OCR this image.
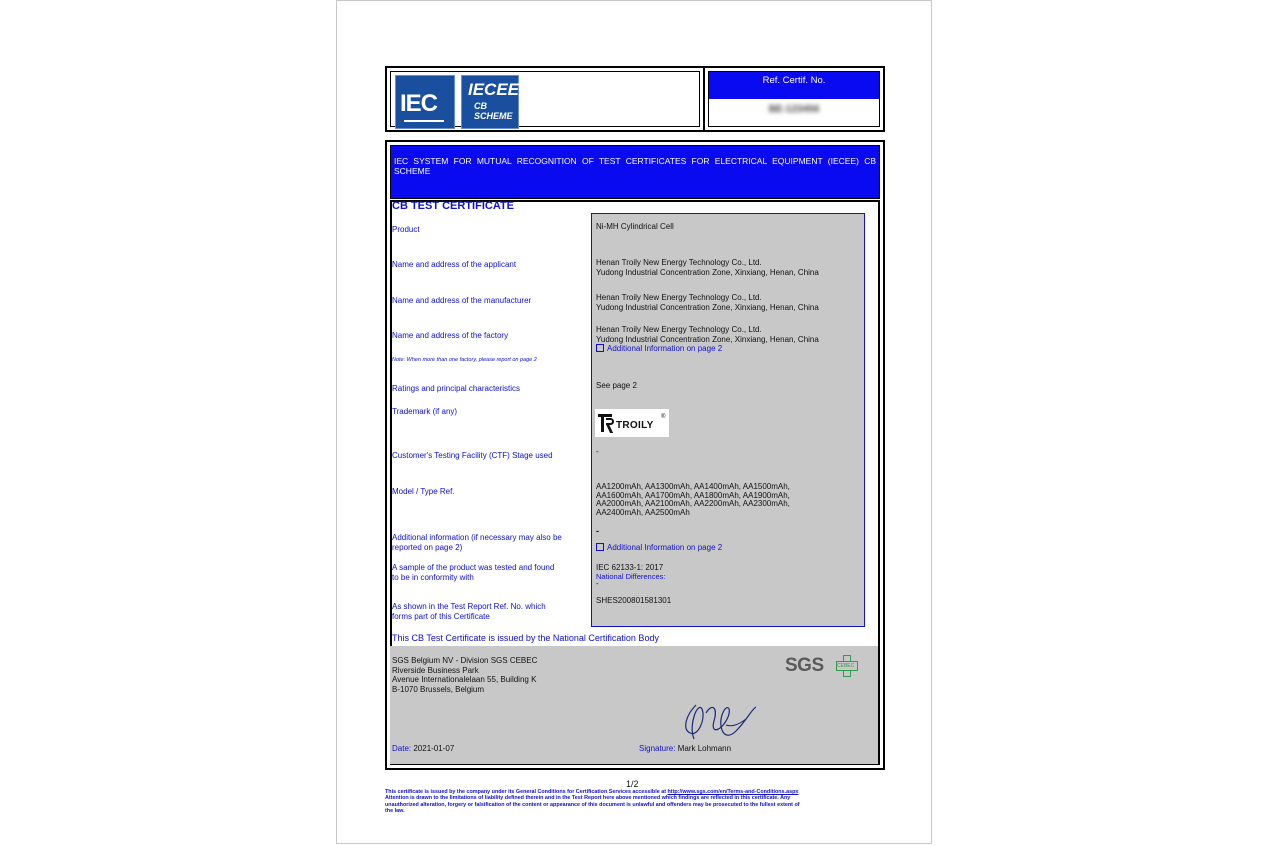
IEC
IECEE
CB
SCHEME
Ref. Certif. No.
BE-123456
IEC SYSTEM FOR MUTUAL RECOGNITION OF TEST CERTIFICATES FOR ELECTRICAL EQUIPMENT (IECEE) CB SCHEME
CB TEST CERTIFICATE
Product
Name and address of the applicant
Name and address of the manufacturer
Name and address of the factory
Note: When more than one factory, please report on page 2
Ratings and principal characteristics
Trademark (if any)
Customer's Testing Facility (CTF) Stage used
Model / Type Ref.
Additional information (if necessary may also be
reported on page 2)
A sample of the product was tested and found
to be in conformity with
As shown in the Test Report Ref. No. which
forms part of this Certificate
Ni-MH Cylindrical Cell
Henan Troily New Energy Technology Co., Ltd.
Yudong Industrial Concentration Zone, Xinxiang, Henan, China
Henan Troily New Energy Technology Co., Ltd.
Yudong Industrial Concentration Zone, Xinxiang, Henan, China
Henan Troily New Energy Technology Co., Ltd.
Yudong Industrial Concentration Zone, Xinxiang, Henan, China
Additional Information on page 2
See page 2
TROILY
®
-
AA1200mAh, AA1300mAh, AA1400mAh, AA1500mAh,
AA1600mAh, AA1700mAh, AA1800mAh, AA1900mAh,
AA2000mAh, AA2100mAh, AA2200mAh, AA2300mAh,
AA2400mAh, AA2500mAh
-
Additional Information on page 2
IEC 62133-1: 2017
National Differences:
-
SHES200801581301
This CB Test Certificate is issued by the National Certification Body
SGS Belgium NV - Division SGS CEBEC
Riverside Business Park
Avenue Internationalelaan 55, Building K
B-1070 Brussels, Belgium
SGS	CEBEC
Date: 2021-01-07	Signature: Mark Lohmann
1/2
This certificate is issued by the company under its General Conditions for Certification Services accessible at http://www.sgs.com/en/Terms-and-Conditions.aspx
Attention is drawn to the limitations of liability defined therein and in the Test Report here above mentioned which findings are reflected in this certificate. Any
unauthorized alteration, forgery or falsification of the content or appearance of this document is unlawful and offenders may be prosecuted to the fullest extent of
the law.
